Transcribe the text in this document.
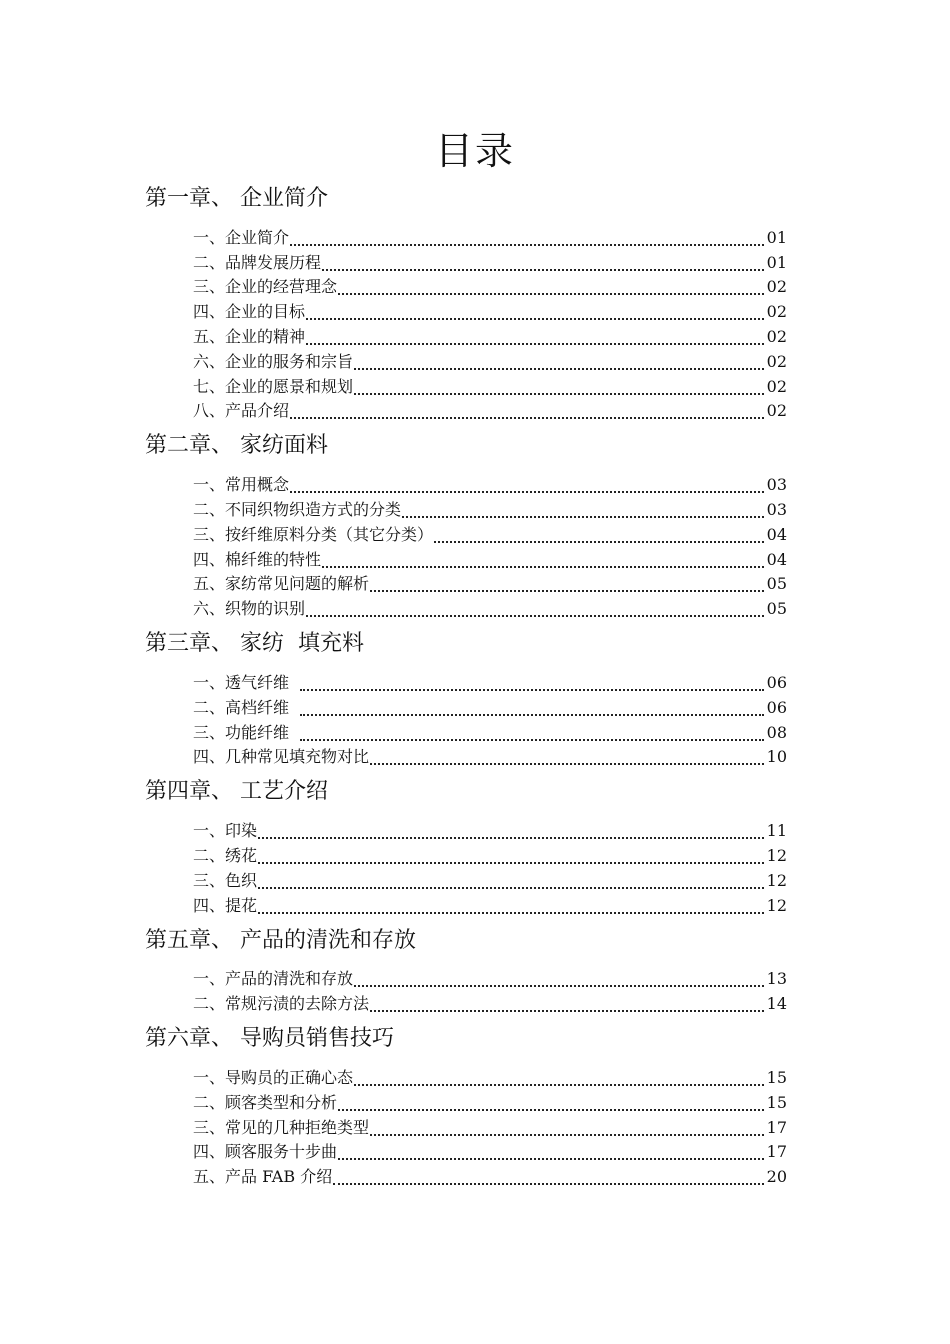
目录
第一章、 企业简介
一、企业简介	01
二、品牌发展历程	01
三、企业的经营理念	02
四、企业的目标	02
五、企业的精神	02
六、企业的服务和宗旨	02
七、企业的愿景和规划	02
八、产品介绍	02
第二章、 家纺面料
一、常用概念	03
二、不同织物织造方式的分类	03
三、按纤维原料分类（其它分类）	04
四、棉纤维的特性	04
五、家纺常见问题的解析	05
六、织物的识别	05
第三章、 家纺  填充料
一、透气纤维	06
二、高档纤维	06
三、功能纤维	08
四、几种常见填充物对比	10
第四章、 工艺介绍
一、印染	11
二、绣花	12
三、色织	12
四、提花	12
第五章、 产品的清洗和存放
一、产品的清洗和存放	13
二、常规污渍的去除方法	14
第六章、 导购员销售技巧
一、导购员的正确心态	15
二、顾客类型和分析	15
三、常见的几种拒绝类型	17
四、顾客服务十步曲	17
五、产品 FAB 介绍	20
